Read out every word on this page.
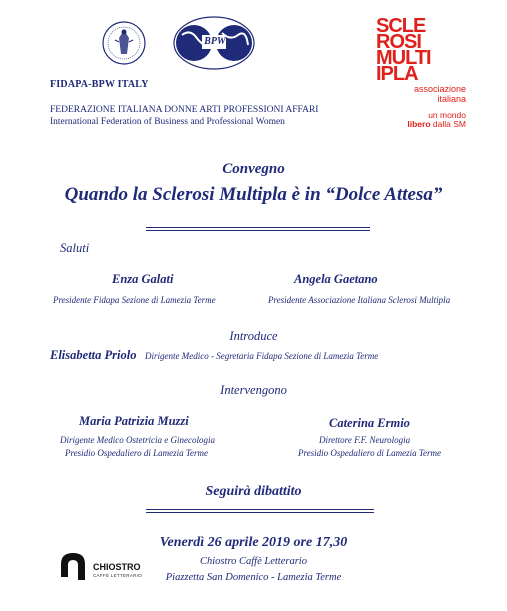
BPW
SCLE
ROSI
MULTI
IPLA
associazione
italiana
un mondo
libero dalla SM
FIDAPA-BPW ITALY
FEDERAZIONE ITALIANA DONNE ARTI PROFESSIONI AFFARI
International Federation of Business and Professional Women
Convegno
Quando la Sclerosi Multipla è in “Dolce Attesa”
Saluti
Enza Galati
Presidente Fidapa Sezione di Lamezia Terme
Angela Gaetano
Presidente Associazione Italiana Sclerosi Multipla
Introduce
Elisabetta Priolo Dirigente Medico - Segretaria Fidapa Sezione di Lamezia Terme
Intervengono
Maria Patrizia Muzzi
Dirigente Medico Ostetricia e Ginecologia
Presidio Ospedaliero di Lamezia Terme
Caterina Ermio
Direttore F.F. Neurologia
Presidio Ospedaliero di Lamezia Terme
Seguirà dibattito
Venerdì 26 aprile 2019 ore 17,30
Chiostro Caffè Letterario
Piazzetta San Domenico - Lamezia Terme
CHIOSTRO
CAFFÈ LETTERARIO
